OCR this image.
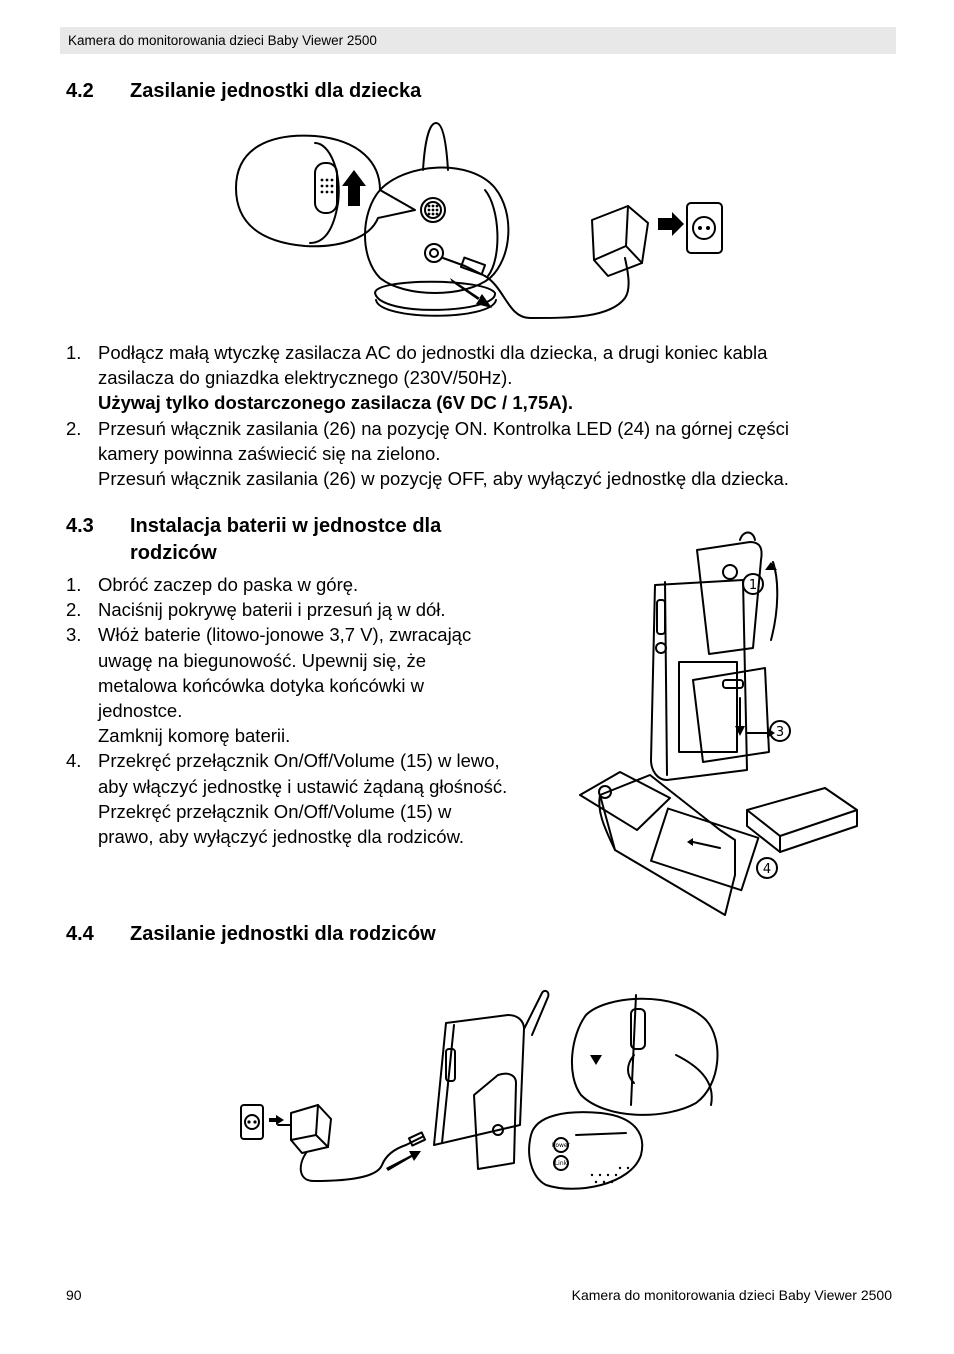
Kamera do monitorowania dzieci Baby Viewer 2500
4.2 Zasilanie jednostki dla dziecka
1. Podłącz małą wtyczkę zasilacza AC do jednostki dla dziecka, a drugi koniec kabla
zasilacza do gniazdka elektrycznego (230V/50Hz).
Używaj tylko dostarczonego zasilacza (6V DC / 1,75A).
2. Przesuń włącznik zasilania (26) na pozycję ON. Kontrolka LED (24) na górnej części
kamery powinna zaświecić się na zielono.
Przesuń włącznik zasilania (26) w pozycję OFF, aby wyłączyć jednostkę dla dziecka.
4.3 Instalacja baterii w jednostce dla
rodziców
1. Obróć zaczep do paska w górę.
2. Naciśnij pokrywę baterii i przesuń ją w dół.
3. Włóż baterie (litowo-jonowe 3,7 V), zwracając
uwagę na biegunowość. Upewnij się, że
metalowa końcówka dotyka końcówki w
jednostce.
Zamknij komorę baterii.
4. Przekręć przełącznik On/Off/Volume (15) w lewo,
aby włączyć jednostkę i ustawić żądaną głośność.
Przekręć przełącznik On/Off/Volume (15) w
prawo, aby wyłączyć jednostkę dla rodziców.
1
3
4
4.4 Zasilanie jednostki dla rodziców
Power
Link
90	Kamera do monitorowania dzieci Baby Viewer 2500
